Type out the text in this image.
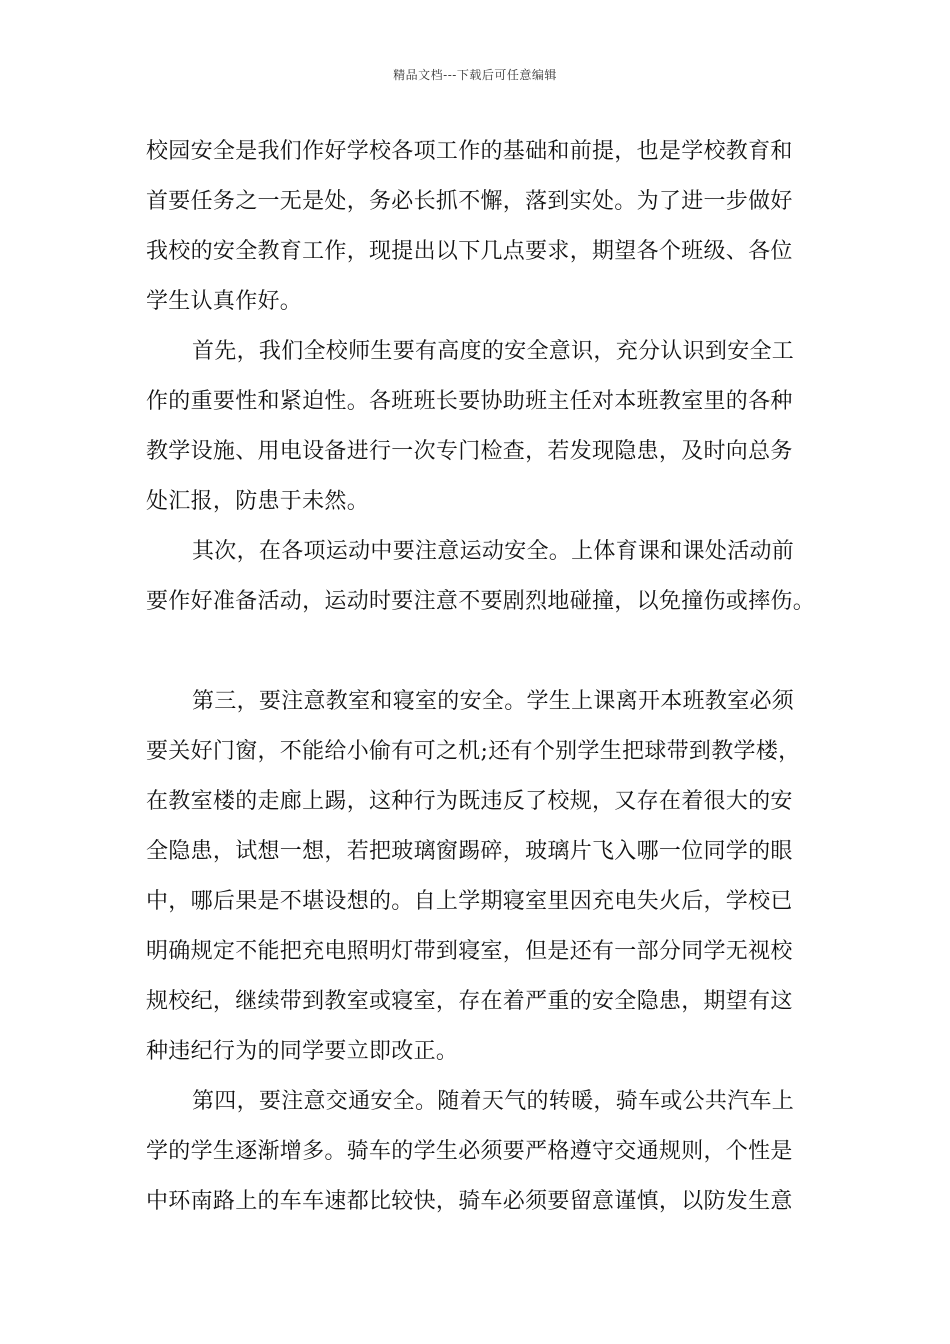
精品文档---下载后可任意编辑
校园安全是我们作好学校各项工作的基础和前提，也是学校教育和
首要任务之一无是处，务必长抓不懈，落到实处。为了进一步做好
我校的安全教育工作，现提出以下几点要求，期望各个班级、各位
学生认真作好。
首先，我们全校师生要有高度的安全意识，充分认识到安全工
作的重要性和紧迫性。各班班长要协助班主任对本班教室里的各种
教学设施、用电设备进行一次专门检查，若发现隐患，及时向总务
处汇报，防患于未然。
其次，在各项运动中要注意运动安全。上体育课和课处活动前
要作好准备活动，运动时要注意不要剧烈地碰撞，以免撞伤或摔伤。
第三，要注意教室和寝室的安全。学生上课离开本班教室必须
要关好门窗，不能给小偷有可之机;还有个别学生把球带到教学楼，
在教室楼的走廊上踢，这种行为既违反了校规，又存在着很大的安
全隐患，试想一想，若把玻璃窗踢碎，玻璃片飞入哪一位同学的眼
中，哪后果是不堪设想的。自上学期寝室里因充电失火后，学校已
明确规定不能把充电照明灯带到寝室，但是还有一部分同学无视校
规校纪，继续带到教室或寝室，存在着严重的安全隐患，期望有这
种违纪行为的同学要立即改正。
第四，要注意交通安全。随着天气的转暖，骑车或公共汽车上
学的学生逐渐增多。骑车的学生必须要严格遵守交通规则，个性是
中环南路上的车车速都比较快，骑车必须要留意谨慎，以防发生意
